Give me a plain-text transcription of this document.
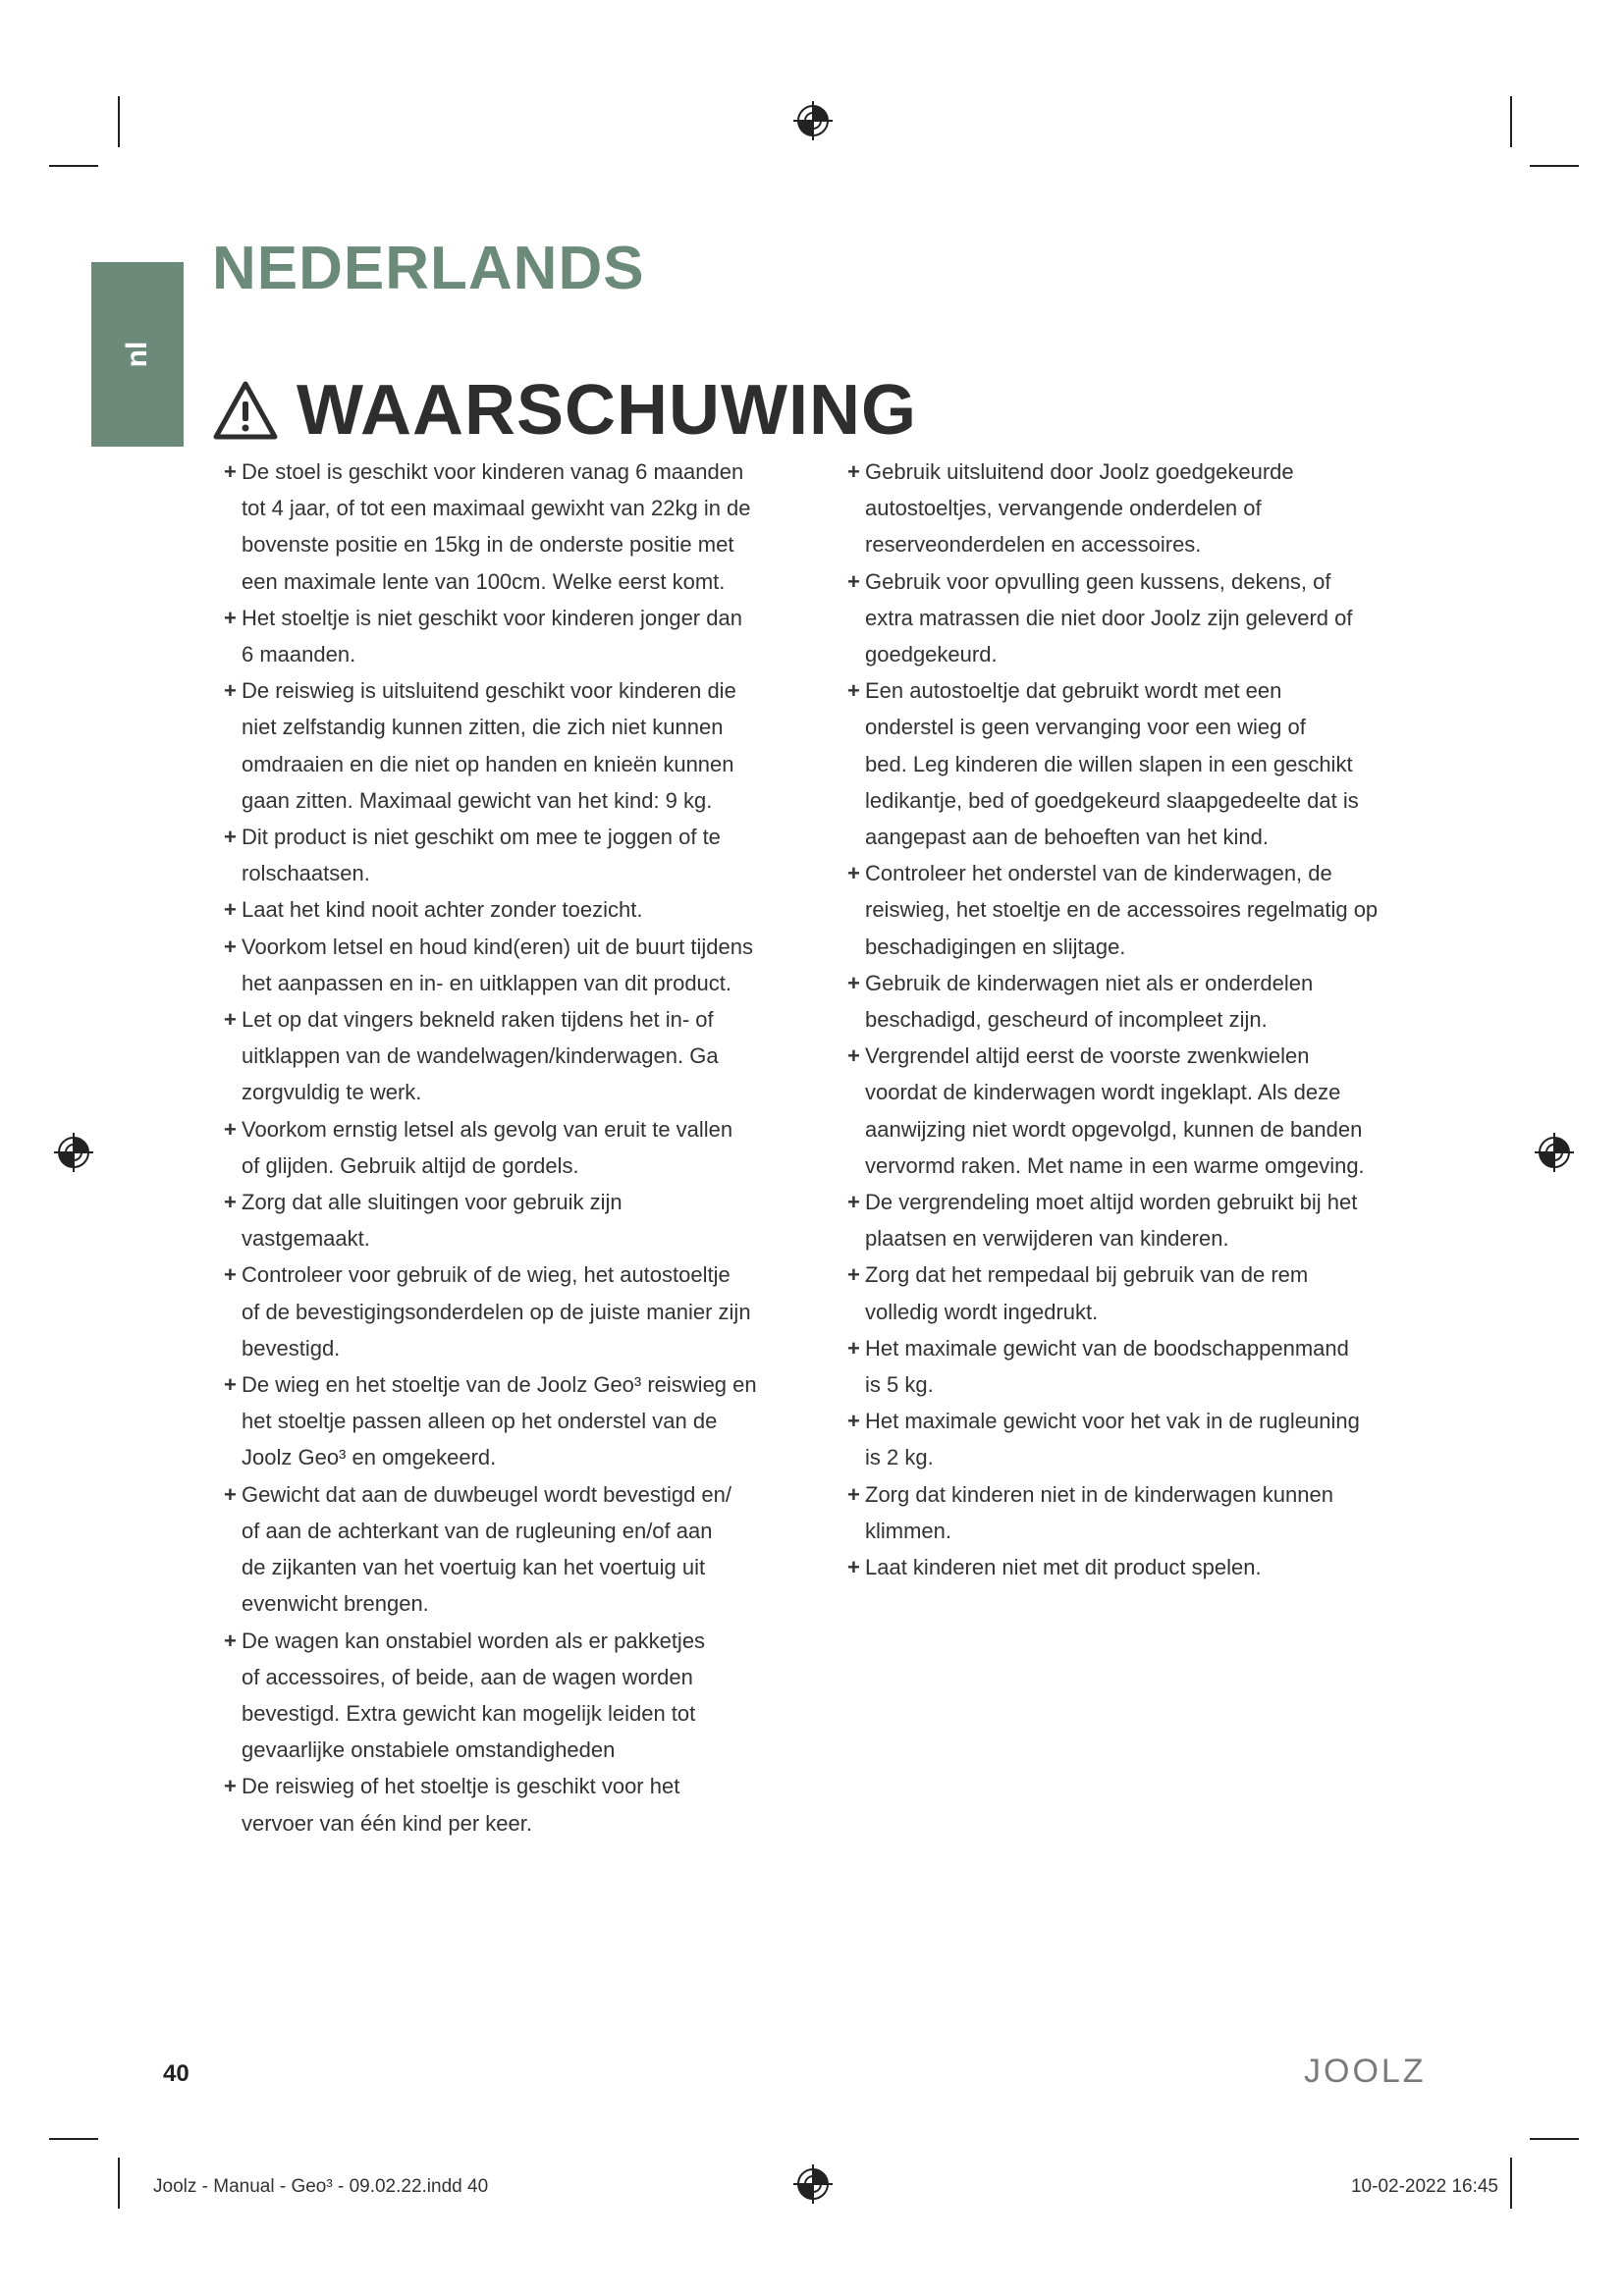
nl
NEDERLANDS
WAARSCHUWING
+ De stoel is geschikt voor kinderen vanag 6 maanden
tot 4 jaar, of tot een maximaal gewixht van 22kg in de
bovenste positie en 15kg in de onderste positie met
een maximale lente van 100cm. Welke eerst komt.
+ Het stoeltje is niet geschikt voor kinderen jonger dan
6 maanden.
+ De reiswieg is uitsluitend geschikt voor kinderen die
niet zelfstandig kunnen zitten, die zich niet kunnen
omdraaien en die niet op handen en knieën kunnen
gaan zitten. Maximaal gewicht van het kind: 9 kg.
+ Dit product is niet geschikt om mee te joggen of te
rolschaatsen.
+ Laat het kind nooit achter zonder toezicht.
+ Voorkom letsel en houd kind(eren) uit de buurt tijdens
het aanpassen en in- en uitklappen van dit product.
+ Let op dat vingers bekneld raken tijdens het in- of
uitklappen van de wandelwagen/kinderwagen. Ga
zorgvuldig te werk.
+ Voorkom ernstig letsel als gevolg van eruit te vallen
of glijden. Gebruik altijd de gordels.
+ Zorg dat alle sluitingen voor gebruik zijn
vastgemaakt.
+ Controleer voor gebruik of de wieg, het autostoeltje
of de bevestigingsonderdelen op de juiste manier zijn
bevestigd.
+ De wieg en het stoeltje van de Joolz Geo³ reiswieg en
het stoeltje passen alleen op het onderstel van de
Joolz Geo³ en omgekeerd.
+ Gewicht dat aan de duwbeugel wordt bevestigd en/
of aan de achterkant van de rugleuning en/of aan
de zijkanten van het voertuig kan het voertuig uit
evenwicht brengen.
+ De wagen kan onstabiel worden als er pakketjes
of accessoires, of beide, aan de wagen worden
bevestigd. Extra gewicht kan mogelijk leiden tot
gevaarlijke onstabiele omstandigheden
+ De reiswieg of het stoeltje is geschikt voor het
vervoer van één kind per keer.
+ Gebruik uitsluitend door Joolz goedgekeurde
autostoeltjes, vervangende onderdelen of
reserveonderdelen en accessoires.
+ Gebruik voor opvulling geen kussens, dekens, of
extra matrassen die niet door Joolz zijn geleverd of
goedgekeurd.
+ Een autostoeltje dat gebruikt wordt met een
onderstel is geen vervanging voor een wieg of
bed. Leg kinderen die willen slapen in een geschikt
ledikantje, bed of goedgekeurd slaapgedeelte dat is
aangepast aan de behoeften van het kind.
+ Controleer het onderstel van de kinderwagen, de
reiswieg, het stoeltje en de accessoires regelmatig op
beschadigingen en slijtage.
+ Gebruik de kinderwagen niet als er onderdelen
beschadigd, gescheurd of incompleet zijn.
+ Vergrendel altijd eerst de voorste zwenkwielen
voordat de kinderwagen wordt ingeklapt. Als deze
aanwijzing niet wordt opgevolgd, kunnen de banden
vervormd raken. Met name in een warme omgeving.
+ De vergrendeling moet altijd worden gebruikt bij het
plaatsen en verwijderen van kinderen.
+ Zorg dat het rempedaal bij gebruik van de rem
volledig wordt ingedrukt.
+ Het maximale gewicht van de boodschappenmand
is 5 kg.
+ Het maximale gewicht voor het vak in de rugleuning
is 2 kg.
+ Zorg dat kinderen niet in de kinderwagen kunnen
klimmen.
+ Laat kinderen niet met dit product spelen.
40	JOOLZ
Joolz - Manual - Geo³ - 09.02.22.indd 40	10-02-2022 16:45
